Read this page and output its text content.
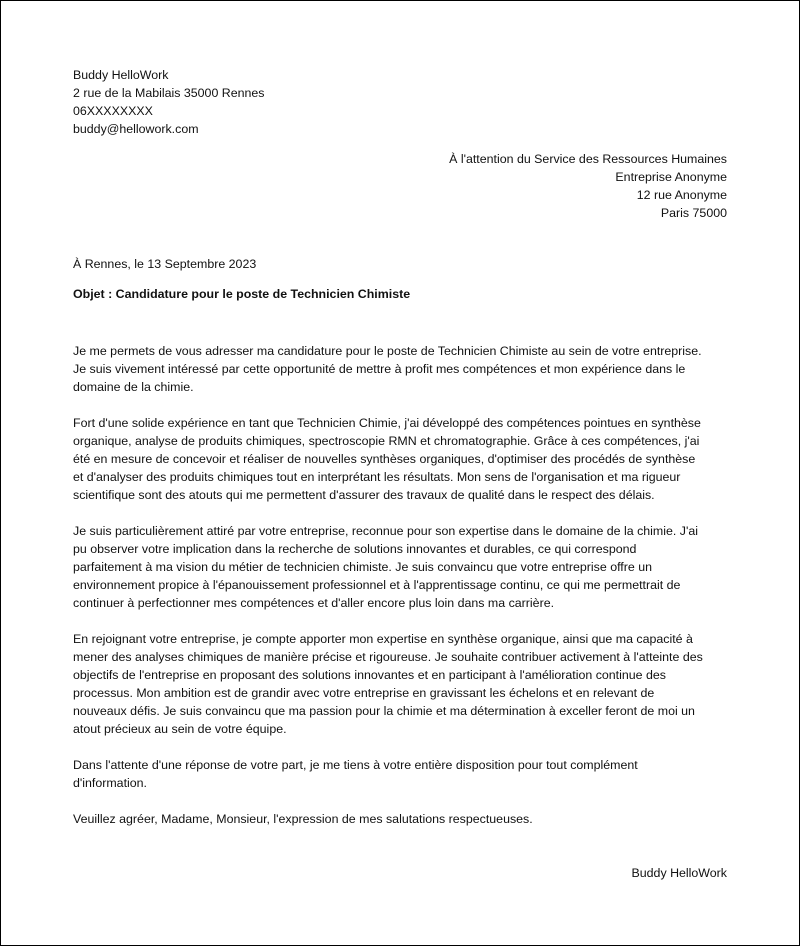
Buddy HelloWork
2 rue de la Mabilais 35000 Rennes
06XXXXXXXX
buddy@hellowork.com
À l'attention du Service des Ressources Humaines
Entreprise Anonyme
12 rue Anonyme
Paris 75000
À Rennes, le 13 Septembre 2023
Objet : Candidature pour le poste de Technicien Chimiste
Je me permets de vous adresser ma candidature pour le poste de Technicien Chimiste au sein de votre entreprise.
Je suis vivement intéressé par cette opportunité de mettre à profit mes compétences et mon expérience dans le
domaine de la chimie.
Fort d'une solide expérience en tant que Technicien Chimie, j'ai développé des compétences pointues en synthèse
organique, analyse de produits chimiques, spectroscopie RMN et chromatographie. Grâce à ces compétences, j'ai
été en mesure de concevoir et réaliser de nouvelles synthèses organiques, d'optimiser des procédés de synthèse
et d'analyser des produits chimiques tout en interprétant les résultats. Mon sens de l'organisation et ma rigueur
scientifique sont des atouts qui me permettent d'assurer des travaux de qualité dans le respect des délais.
Je suis particulièrement attiré par votre entreprise, reconnue pour son expertise dans le domaine de la chimie. J'ai
pu observer votre implication dans la recherche de solutions innovantes et durables, ce qui correspond
parfaitement à ma vision du métier de technicien chimiste. Je suis convaincu que votre entreprise offre un
environnement propice à l'épanouissement professionnel et à l'apprentissage continu, ce qui me permettrait de
continuer à perfectionner mes compétences et d'aller encore plus loin dans ma carrière.
En rejoignant votre entreprise, je compte apporter mon expertise en synthèse organique, ainsi que ma capacité à
mener des analyses chimiques de manière précise et rigoureuse. Je souhaite contribuer activement à l'atteinte des
objectifs de l'entreprise en proposant des solutions innovantes et en participant à l'amélioration continue des
processus. Mon ambition est de grandir avec votre entreprise en gravissant les échelons et en relevant de
nouveaux défis. Je suis convaincu que ma passion pour la chimie et ma détermination à exceller feront de moi un
atout précieux au sein de votre équipe.
Dans l'attente d'une réponse de votre part, je me tiens à votre entière disposition pour tout complément
d'information.
Veuillez agréer, Madame, Monsieur, l'expression de mes salutations respectueuses.
Buddy HelloWork
